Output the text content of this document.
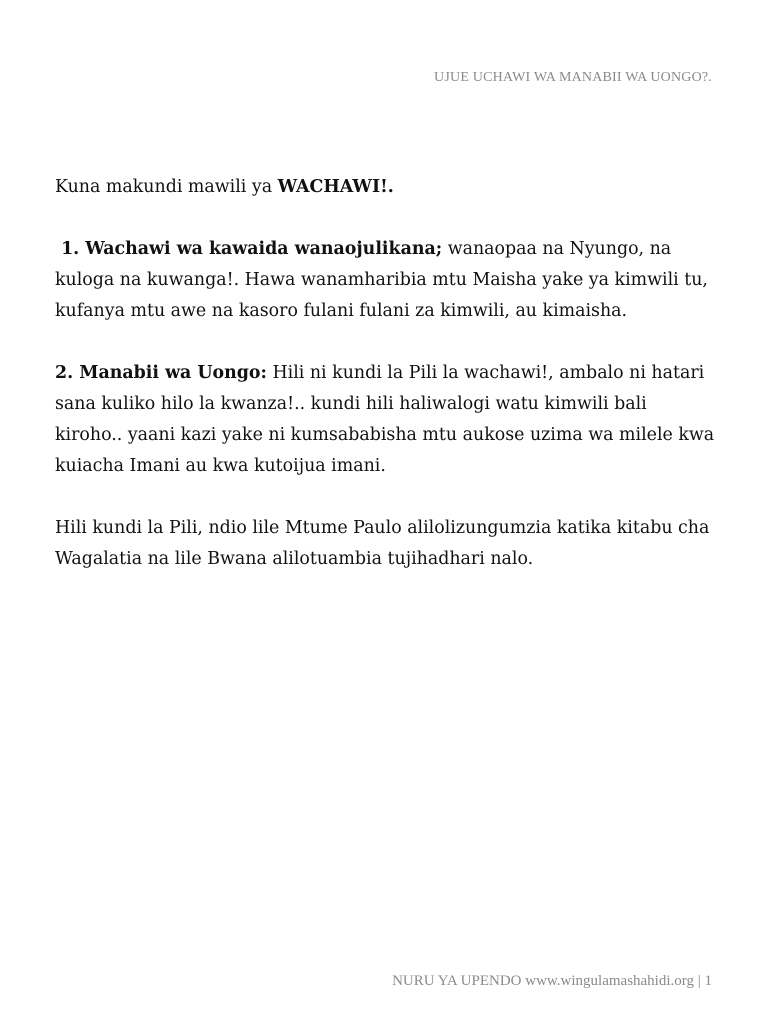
UJUE UCHAWI WA MANABII WA UONGO?.

Kuna makundi mawili ya WACHAWI!.

1. Wachawi wa kawaida wanaojulikana; wanaopaa na Nyungo, na kuloga na kuwanga!. Hawa wanamharibia mtu Maisha yake ya kimwili tu, kufanya mtu awe na kasoro fulani fulani za kimwili, au kimaisha.

2. Manabii wa Uongo: Hili ni kundi la Pili la wachawi!, ambalo ni hatari sana kuliko hilo la kwanza!.. kundi hili haliwalogi watu kimwili bali kiroho.. yaani kazi yake ni kumsababisha mtu aukose uzima wa milele kwa kuiacha Imani au kwa kutoijua imani.

Hili kundi la Pili, ndio lile Mtume Paulo alilolizungumzia katika kitabu cha Wagalatia na lile Bwana alilotuambia tujihadhari nalo.

NURU YA UPENDO www.wingulamashahidi.org | 1
